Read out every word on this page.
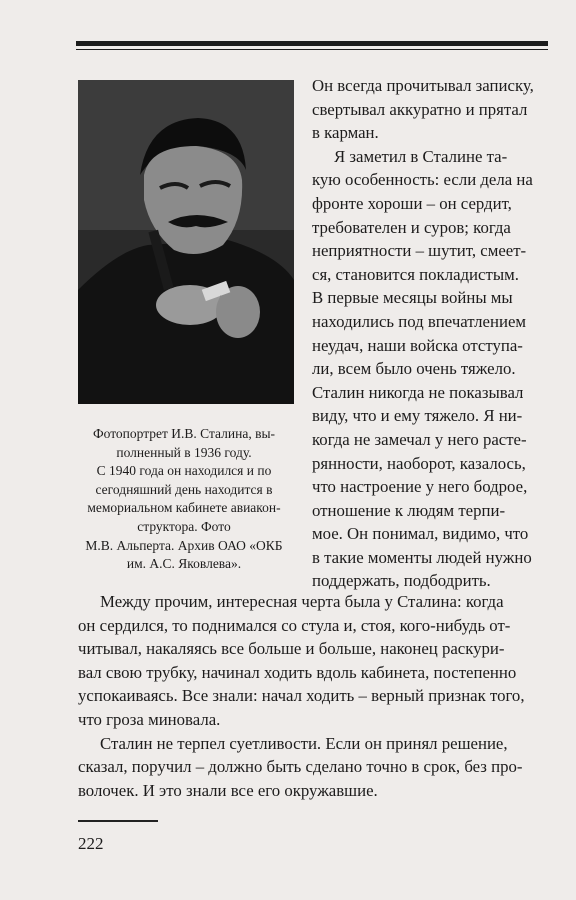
Фотопортрет И.В. Сталина, вы-
полненный в 1936 году.
С 1940 года он находился и по
сегодняшний день находится в
мемориальном кабинете авиакон-
структора. Фото
М.В. Альперта. Архив ОАО «ОКБ
им. А.С. Яковлева».
Он всегда прочитывал записку,
свертывал аккуратно и прятал
в карман.
Я заметил в Сталине та-
кую особенность: если дела на
фронте хороши – он сердит,
требователен и суров; когда
неприятности – шутит, смеет-
ся, становится покладистым.
В первые месяцы войны мы
находились под впечатлением
неудач, наши войска отступа-
ли, всем было очень тяжело.
Сталин никогда не показывал
виду, что и ему тяжело. Я ни-
когда не замечал у него расте-
рянности, наоборот, казалось,
что настроение у него бодрое,
отношение к людям терпи-
мое. Он понимал, видимо, что
в такие моменты людей нужно
поддержать, подбодрить.
Между прочим, интересная черта была у Сталина: когда
он сердился, то поднимался со стула и, стоя, кого-нибудь от-
читывал, накаляясь все больше и больше, наконец раскури-
вал свою трубку, начинал ходить вдоль кабинета, постепенно
успокаиваясь. Все знали: начал ходить – верный признак того,
что гроза миновала.
Сталин не терпел суетливости. Если он принял решение,
сказал, поручил – должно быть сделано точно в срок, без про-
волочек. И это знали все его окружавшие.
222
